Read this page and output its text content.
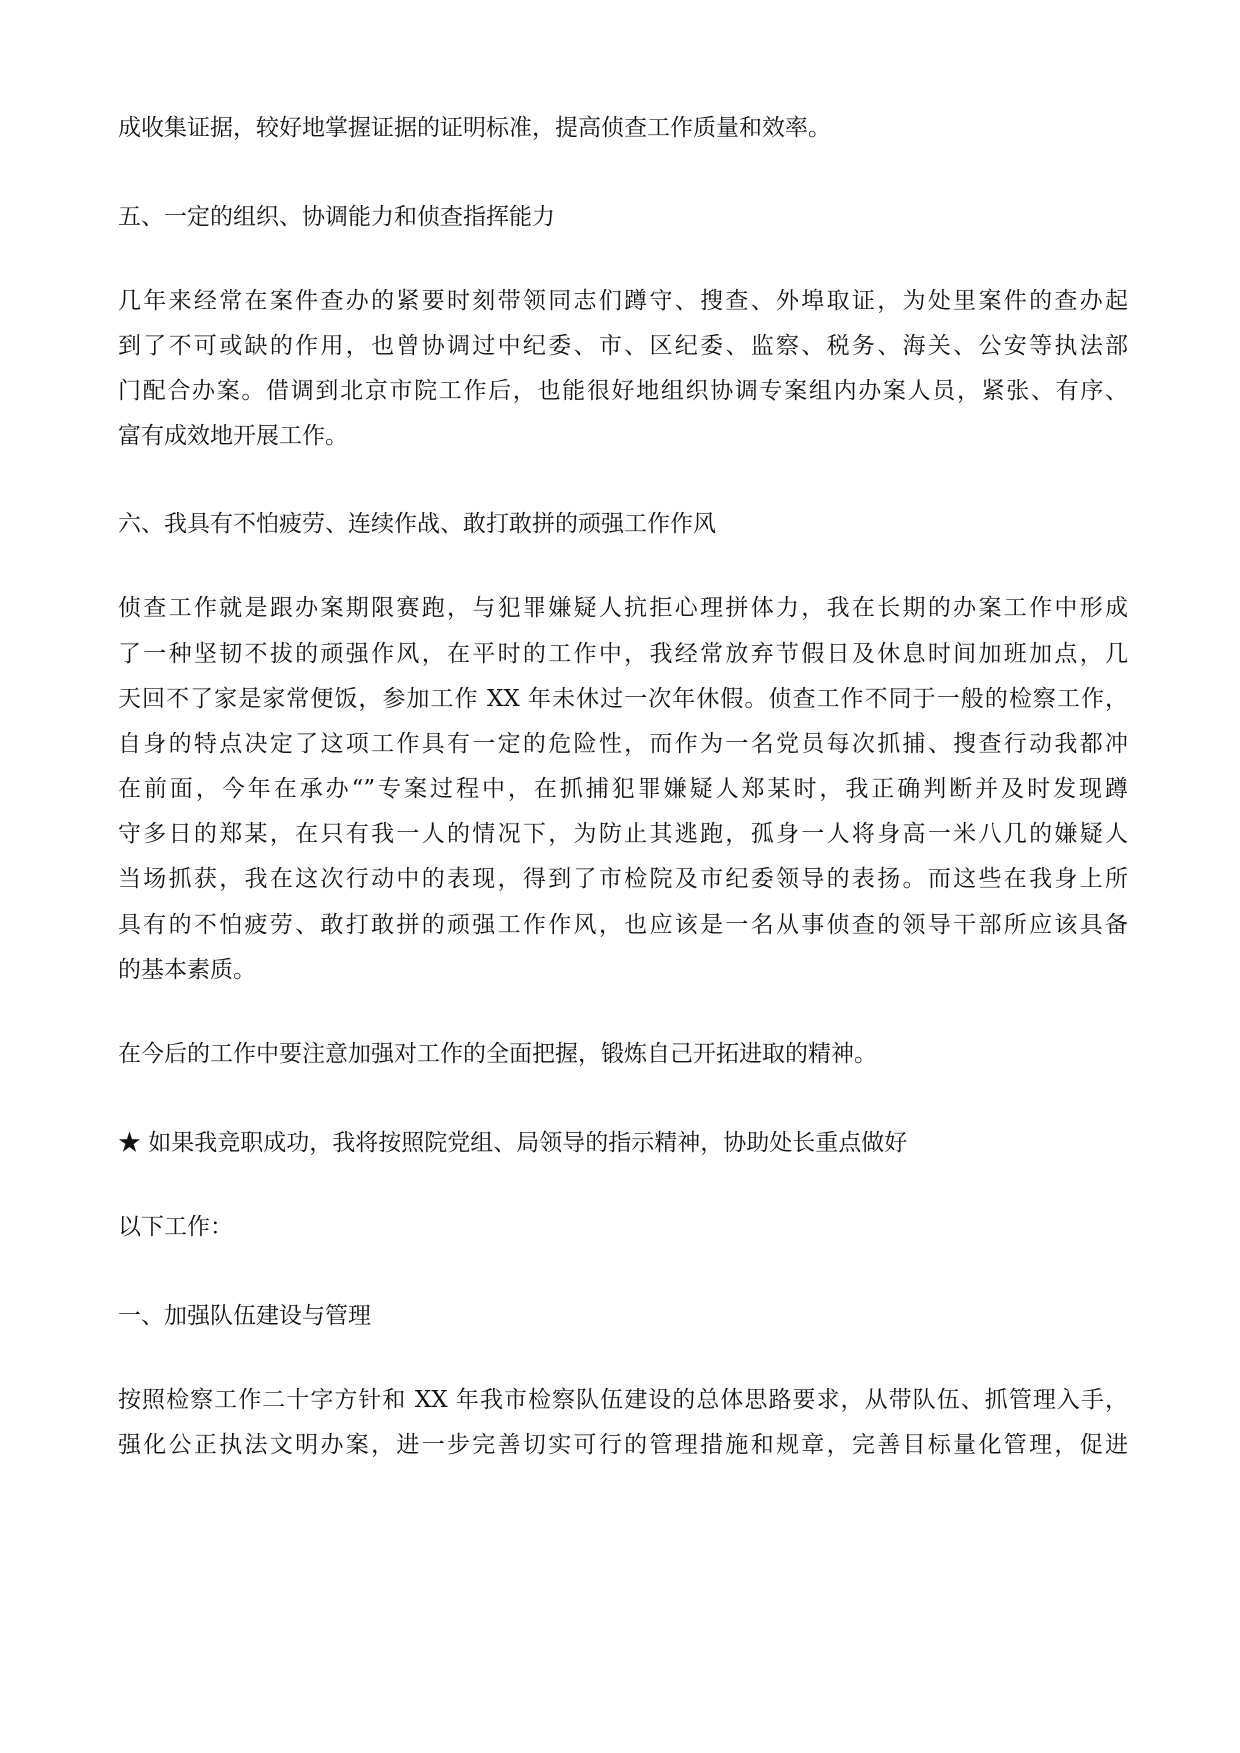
成收集证据，较好地掌握证据的证明标准，提高侦查工作质量和效率。

五、一定的组织、协调能力和侦查指挥能力

几年来经常在案件查办的紧要时刻带领同志们蹲守、搜查、外埠取证，为处里案件的查办起

到了不可或缺的作用，也曾协调过中纪委、市、区纪委、监察、税务、海关、公安等执法部

门配合办案。借调到北京市院工作后，也能很好地组织协调专案组内办案人员，紧张、有序、

富有成效地开展工作。

六、我具有不怕疲劳、连续作战、敢打敢拼的顽强工作作风

侦查工作就是跟办案期限赛跑，与犯罪嫌疑人抗拒心理拼体力，我在长期的办案工作中形成

了一种坚韧不拔的顽强作风，在平时的工作中，我经常放弃节假日及休息时间加班加点，几

天回不了家是家常便饭，参加工作 XX 年未休过一次年休假。侦查工作不同于一般的检察工作，

自身的特点决定了这项工作具有一定的危险性，而作为一名党员每次抓捕、搜查行动我都冲

在前面，今年在承办“”专案过程中，在抓捕犯罪嫌疑人郑某时，我正确判断并及时发现蹲

守多日的郑某，在只有我一人的情况下，为防止其逃跑，孤身一人将身高一米八几的嫌疑人

当场抓获，我在这次行动中的表现，得到了市检院及市纪委领导的表扬。而这些在我身上所

具有的不怕疲劳、敢打敢拼的顽强工作作风，也应该是一名从事侦查的领导干部所应该具备

的基本素质。

在今后的工作中要注意加强对工作的全面把握，锻炼自己开拓进取的精神。

★ 如果我竞职成功，我将按照院党组、局领导的指示精神，协助处长重点做好

以下工作：

一、加强队伍建设与管理

按照检察工作二十字方针和 XX 年我市检察队伍建设的总体思路要求，从带队伍、抓管理入手，

强化公正执法文明办案，进一步完善切实可行的管理措施和规章，完善目标量化管理，促进
